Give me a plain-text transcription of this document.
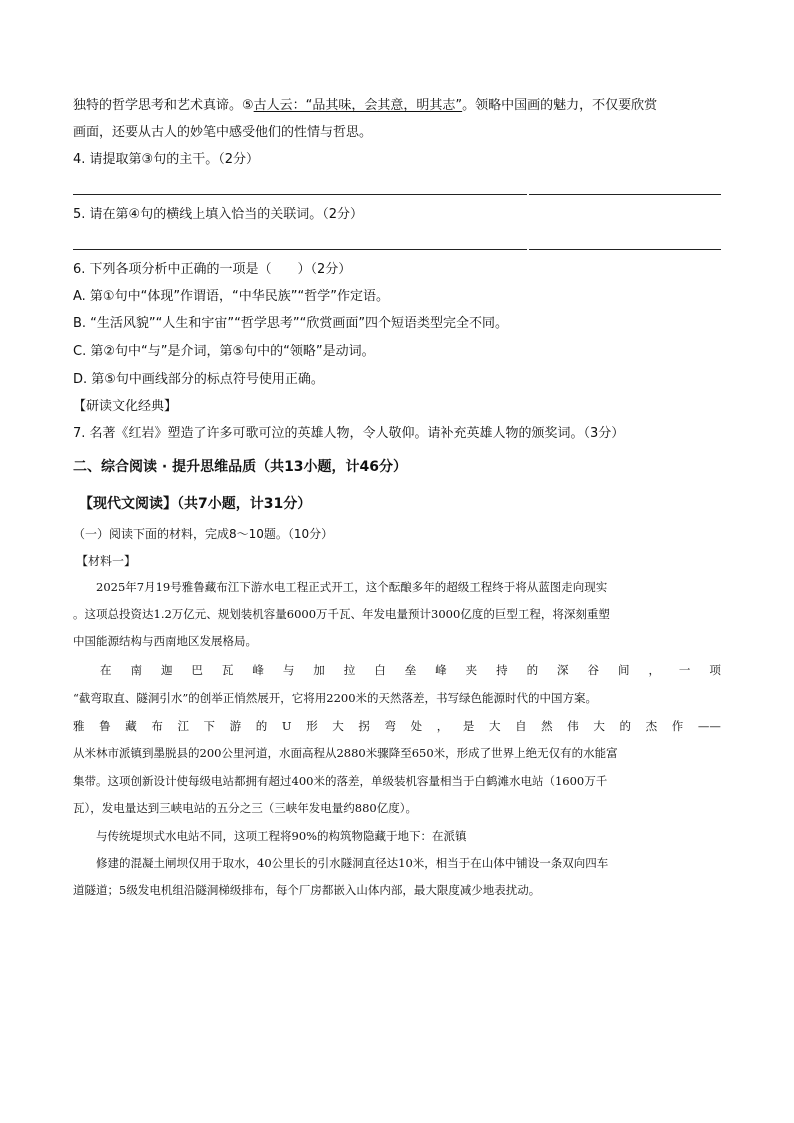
独特的哲学思考和艺术真谛。⑤古人云：“品其味，会其意，明其志”。领略中国画的魅力，不仅要欣赏
画面，还要从古人的妙笔中感受他们的性情与哲思。
4. 请提取第③句的主干。（2分）
5. 请在第④句的横线上填入恰当的关联词。（2分）
6. 下列各项分析中正确的一项是（　　）（2分）
A. 第①句中“体现”作谓语，“中华民族”“哲学”作定语。
B. “生活风貌”“人生和宇宙”“哲学思考”“欣赏画面”四个短语类型完全不同。
C. 第②句中“与”是介词，第⑤句中的“领略”是动词。
D. 第⑤句中画线部分的标点符号使用正确。
【研读文化经典】
7. 名著《红岩》塑造了许多可歌可泣的英雄人物，令人敬仰。请补充英雄人物的颁奖词。（3分）
二、综合阅读 · 提升思维品质（共13小题，计46分）
【现代文阅读】（共7小题，计31分）
（一）阅读下面的材料，完成8～10题。（10分）
【材料一】
　　2025年7月19号雅鲁藏布江下游水电工程正式开工，这个酝酿多年的超级工程终于将从蓝图走向现实
。这项总投资达1.2万亿元、规划装机容量6000万千瓦、年发电量预计3000亿度的巨型工程，将深刻重塑
中国能源结构与西南地区发展格局。
在 南 迦 巴 瓦 峰 与 加 拉 白 垒 峰 夹 持 的 深 谷 间 ， 一 项
“截弯取直、隧洞引水”的创举正悄然展开，它将用2200米的天然落差，书写绿色能源时代的中国方案。
雅 鲁 藏 布 江 下 游 的 U 形 大 拐 弯 处 ， 是 大 自 然 伟 大 的 杰 作 ——
从米林市派镇到墨脱县的200公里河道，水面高程从2880米骤降至650米，形成了世界上绝无仅有的水能富
集带。这项创新设计使每级电站都拥有超过400米的落差，单级装机容量相当于白鹤滩水电站（1600万千
瓦），发电量达到三峡电站的五分之三（三峡年发电量约880亿度）。
　　与传统堤坝式水电站不同，这项工程将90%的构筑物隐藏于地下：在派镇
　　修建的混凝土闸坝仅用于取水，40公里长的引水隧洞直径达10米，相当于在山体中铺设一条双向四车
道隧道；5级发电机组沿隧洞梯级排布，每个厂房都嵌入山体内部，最大限度减少地表扰动。
